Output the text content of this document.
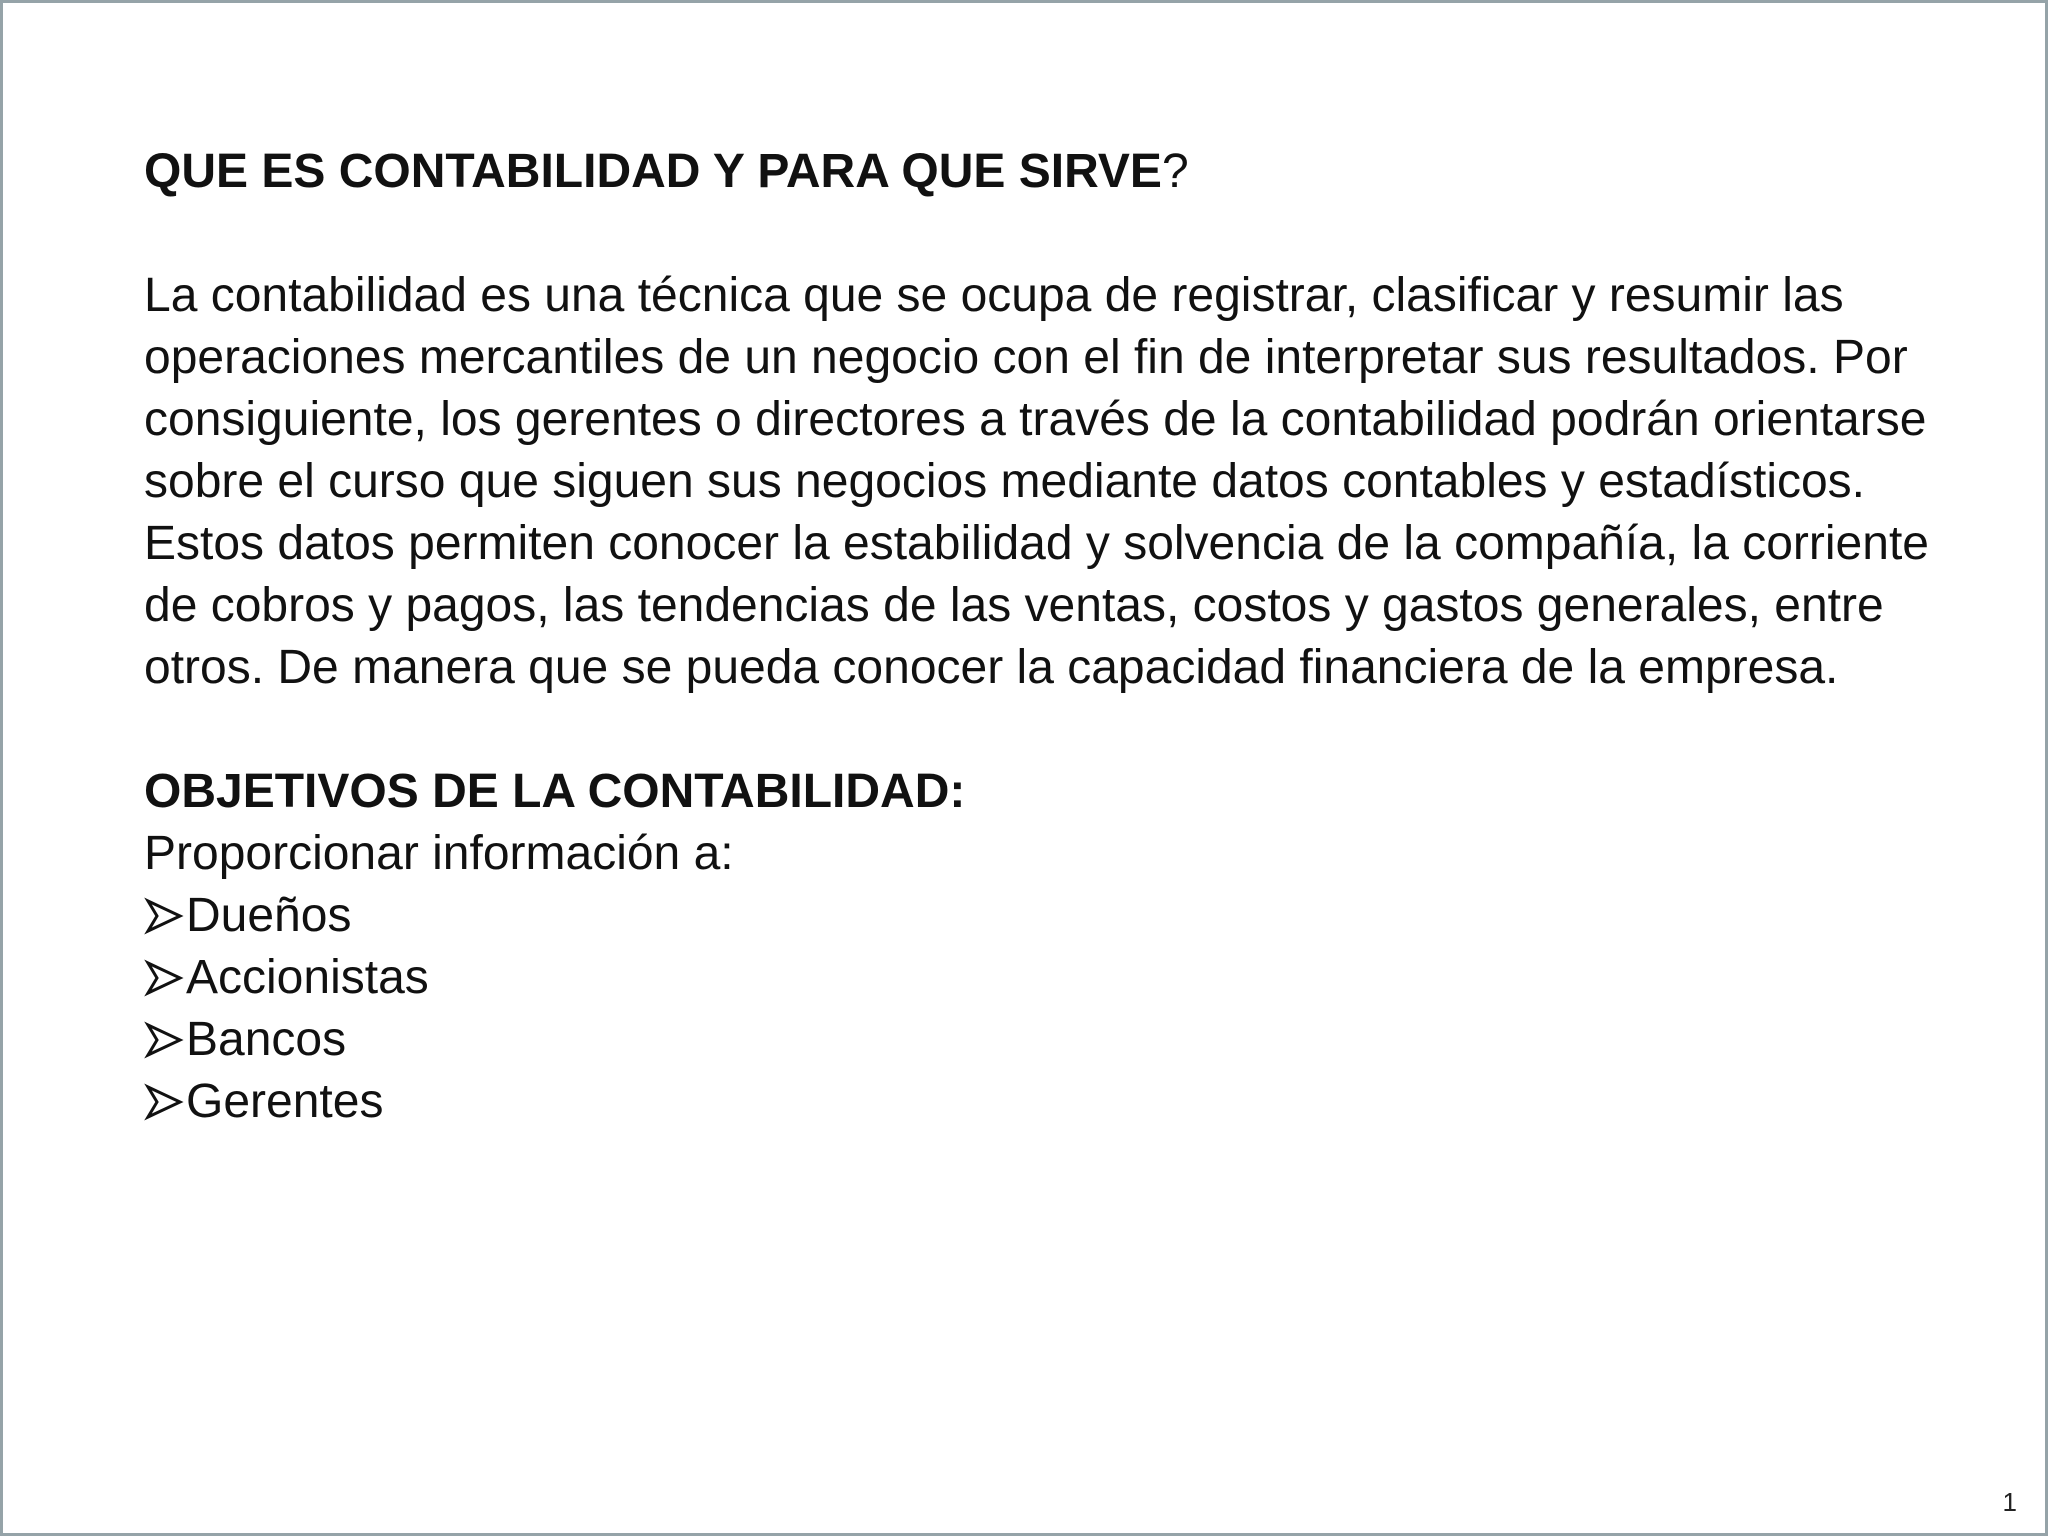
QUE ES CONTABILIDAD Y PARA QUE SIRVE?

La contabilidad es una técnica que se ocupa de registrar, clasificar y resumir las operaciones mercantiles de un negocio con el fin de interpretar sus resultados. Por consiguiente, los gerentes o directores a través de la contabilidad podrán orientarse sobre el curso que siguen sus negocios mediante datos contables y estadísticos.

Estos datos permiten conocer la estabilidad y solvencia de la compañía, la corriente de cobros y pagos, las tendencias de las ventas, costos y gastos generales, entre otros. De manera que se pueda conocer la capacidad financiera de la empresa.

OBJETIVOS DE LA CONTABILIDAD:

Proporcionar información a:

Dueños
Accionistas
Bancos
Gerentes
1
